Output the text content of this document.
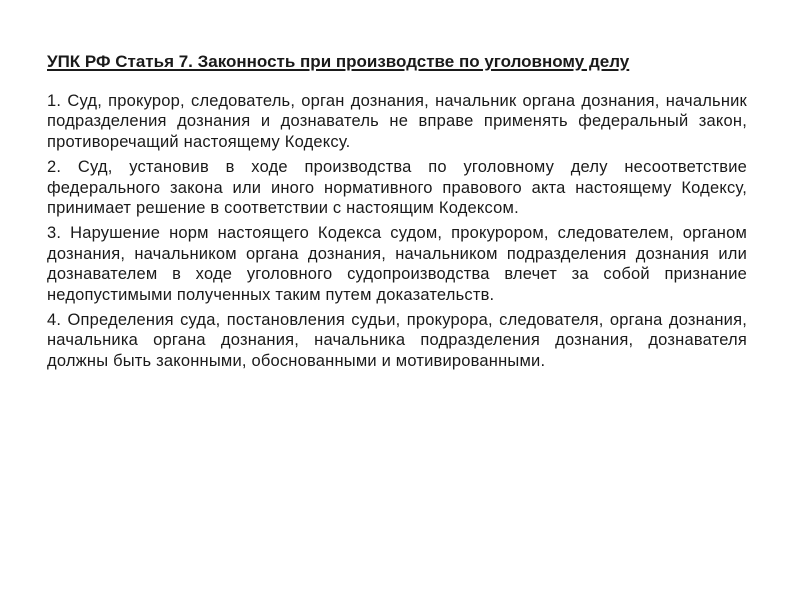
УПК РФ Статья 7. Законность при производстве по уголовному делу

1. Суд, прокурор, следователь, орган дознания, начальник органа дознания, начальник подразделения дознания и дознаватель не вправе применять федеральный закон, противоречащий настоящему Кодексу.

2. Суд, установив в ходе производства по уголовному делу несоответствие федерального закона или иного нормативного правового акта настоящему Кодексу, принимает решение в соответствии с настоящим Кодексом.

3. Нарушение норм настоящего Кодекса судом, прокурором, следователем, органом дознания, начальником органа дознания, начальником подразделения дознания или дознавателем в ходе уголовного судопроизводства влечет за собой признание недопустимыми полученных таким путем доказательств.

4. Определения суда, постановления судьи, прокурора, следователя, органа дознания, начальника органа дознания, начальника подразделения дознания, дознавателя должны быть законными, обоснованными и мотивированными.
